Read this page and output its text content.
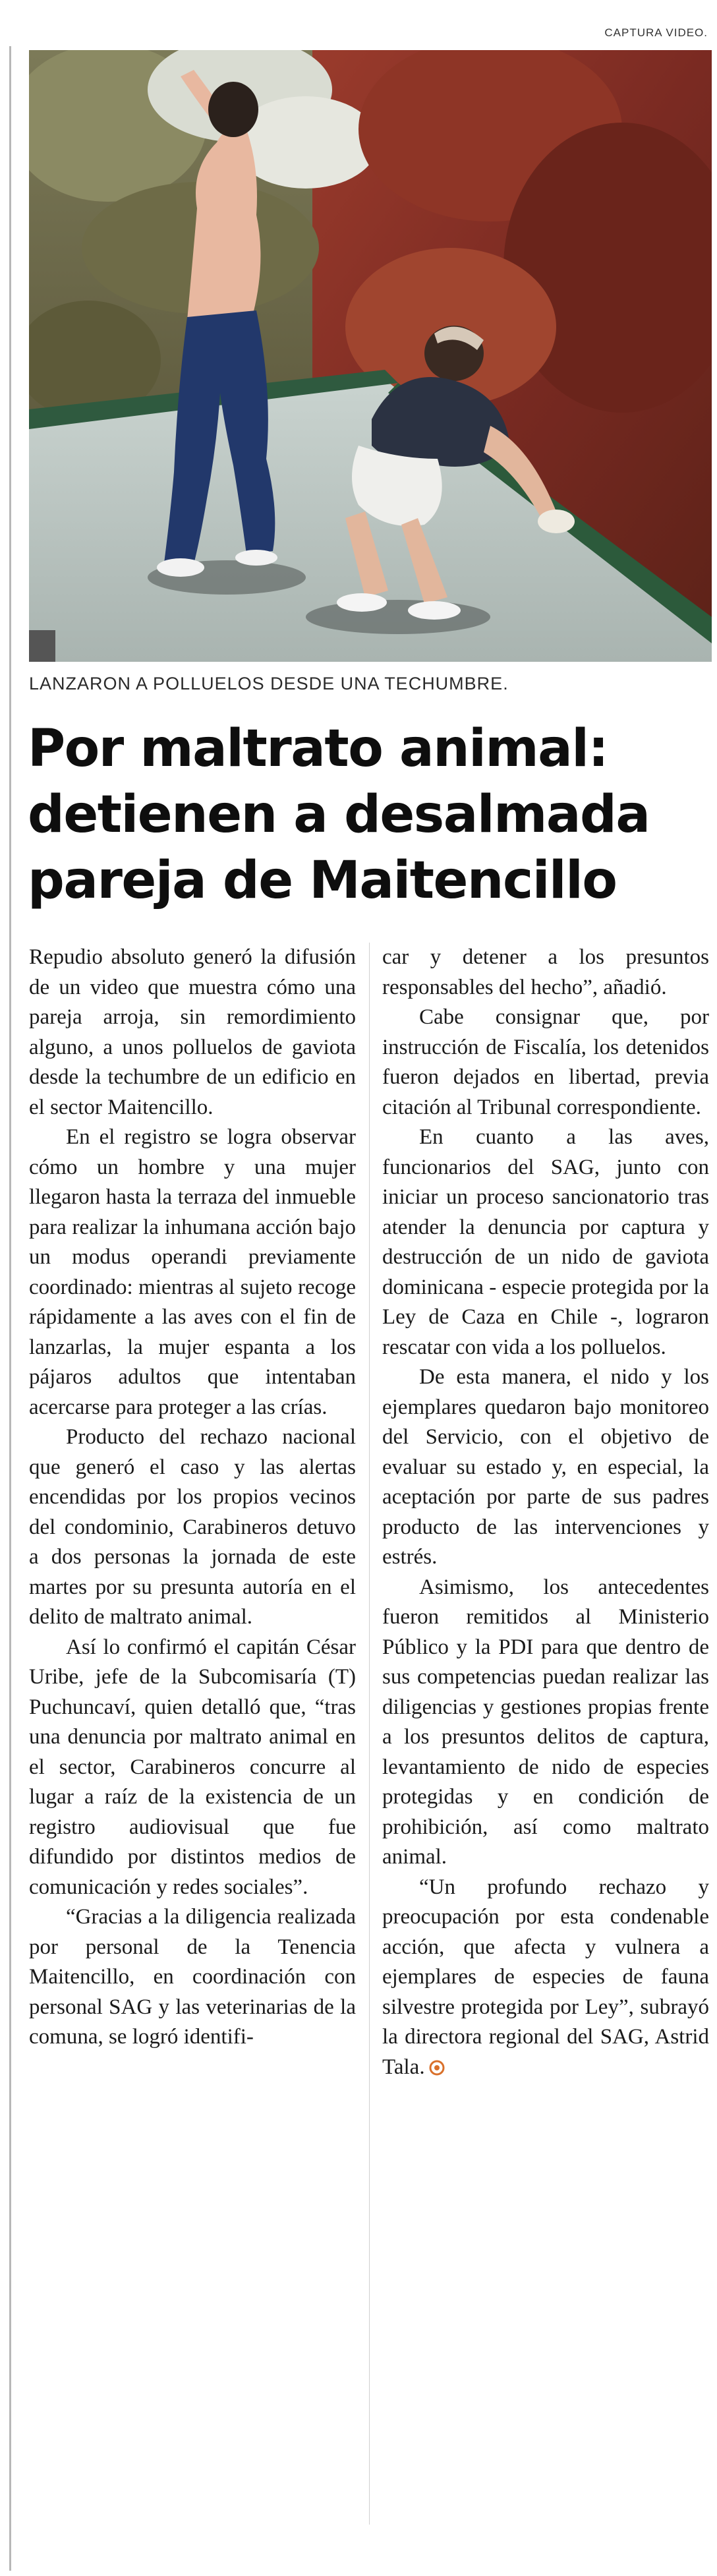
CAPTURA VIDEO.
LANZARON A POLLUELOS DESDE UNA TECHUMBRE.
Por maltrato animal:
detienen a desalmada
pareja de Maitencillo

Repudio absoluto generó la difusión de un video que muestra cómo una pareja arroja, sin remordimiento alguno, a unos polluelos de gaviota desde la techumbre de un edificio en el sector Maitencillo.

En el registro se logra observar cómo un hombre y una mujer llegaron hasta la terraza del inmueble para realizar la inhumana acción bajo un modus operandi previamente coordinado: mientras al sujeto recoge rápidamente a las aves con el fin de lanzarlas, la mujer espanta a los pájaros adultos que intentaban acercarse para proteger a las crías.

Producto del rechazo nacional que generó el caso y las alertas encendidas por los propios vecinos del condominio, Carabineros detuvo a dos personas la jornada de este martes por su presunta autoría en el delito de maltrato animal.

Así lo confirmó el capitán César Uribe, jefe de la Subcomisaría (T) Puchuncaví, quien detalló que, “tras una denuncia por maltrato animal en el sector, Carabineros concurre al lugar a raíz de la existencia de un registro audiovisual que fue difundido por distintos medios de comunicación y redes sociales”.

“Gracias a la diligencia realizada por personal de la Tenencia Maitencillo, en coordinación con personal SAG y las veterinarias de la comuna, se logró identifi-

car y detener a los presuntos responsables del hecho”, añadió.

Cabe consignar que, por instrucción de Fiscalía, los detenidos fueron dejados en libertad, previa citación al Tribunal correspondiente.

En cuanto a las aves, funcionarios del SAG, junto con iniciar un proceso sancionatorio tras atender la denuncia por captura y destrucción de un nido de gaviota dominicana - especie protegida por la Ley de Caza en Chile -, lograron rescatar con vida a los polluelos.

De esta manera, el nido y los ejemplares quedaron bajo monitoreo del Servicio, con el objetivo de evaluar su estado y, en especial, la aceptación por parte de sus padres producto de las intervenciones y estrés.

Asimismo, los antecedentes fueron remitidos al Ministerio Público y la PDI para que dentro de sus competencias puedan realizar las diligencias y gestiones propias frente a los presuntos delitos de captura, levantamiento de nido de especies protegidas y en condición de prohibición, así como maltrato animal.

“Un profundo rechazo y preocupación por esta condenable acción, que afecta y vulnera a ejemplares de especies de fauna silvestre protegida por Ley”, subrayó la directora regional del SAG, Astrid Tala.
